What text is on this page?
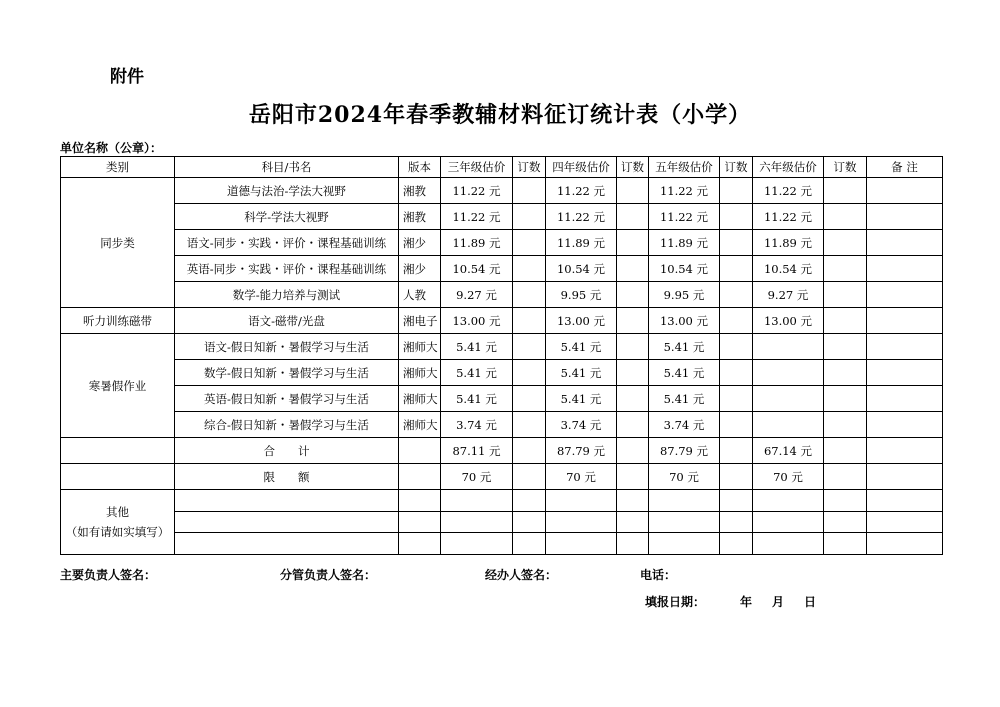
附件
岳阳市2024年春季教辅材料征订统计表（小学）
单位名称（公章）：
类别	科目/书名	版本	三年级估价	订数	四年级估价	订数	五年级估价	订数	六年级估价	订数	备 注
同步类	道德与法治-学法大视野	湘教	11.22 元		11.22 元		11.22 元		11.22 元		
	科学-学法大视野	湘教	11.22 元		11.22 元		11.22 元		11.22 元		
	语文-同步・实践・评价・课程基础训练	湘少	11.89 元		11.89 元		11.89 元		11.89 元		
	英语-同步・实践・评价・课程基础训练	湘少	10.54 元		10.54 元		10.54 元		10.54 元		
	数学-能力培养与测试	人教	9.27 元		9.95 元		9.95 元		9.27 元		
听力训练磁带	语文-磁带/光盘	湘电子	13.00 元		13.00 元		13.00 元		13.00 元		
寒暑假作业	语文-假日知新・暑假学习与生活	湘师大	5.41 元		5.41 元		5.41 元				
	数学-假日知新・暑假学习与生活	湘师大	5.41 元		5.41 元		5.41 元				
	英语-假日知新・暑假学习与生活	湘师大	5.41 元		5.41 元		5.41 元				
	综合-假日知新・暑假学习与生活	湘师大	3.74 元		3.74 元		3.74 元				
	合　　计		87.11 元		87.79 元		87.79 元		67.14 元		
	限　　额		70 元		70 元		70 元		70 元		

其他
（如有请如实填写）											

主要负责人签名：	分管负责人签名：	经办人签名：	电话：
填报日期：	年 月 日
